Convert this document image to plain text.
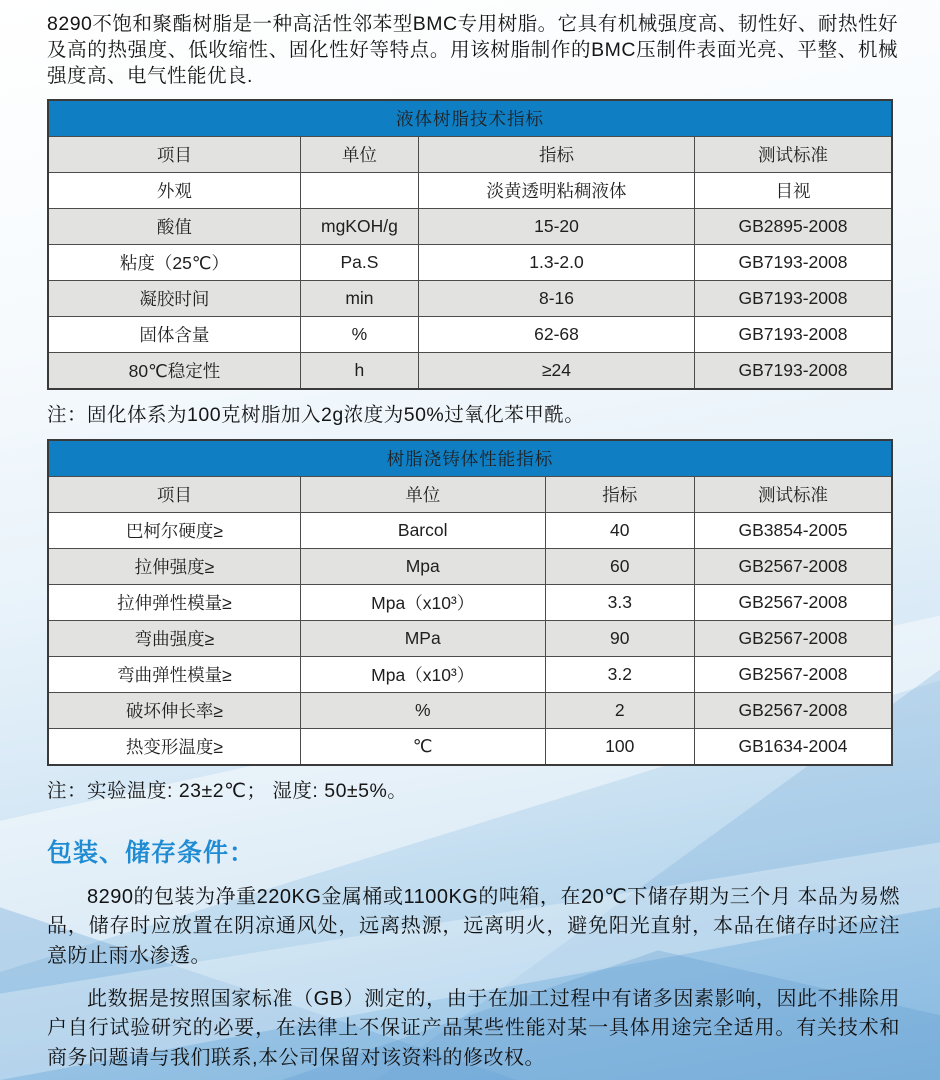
8290不饱和聚酯树脂是一种高活性邻苯型BMC专用树脂。它具有机械强度高、韧性好、耐热性好及高的热强度、低收缩性、固化性好等特点。用该树脂制作的BMC压制件表面光亮、平整、机械强度高、电气性能优良.

液体树脂技术指标			
项目	单位	指标	测试标准
外观		淡黄透明粘稠液体	目视
酸值	mgKOH/g	15-20	GB2895-2008
粘度（25℃）	Pa.S	1.3-2.0	GB7193-2008
凝胶时间	min	8-16	GB7193-2008
固体含量	%	62-68	GB7193-2008
80℃稳定性	h	≥24	GB7193-2008

注：固化体系为100克树脂加入2g浓度为50%过氧化苯甲酰。

树脂浇铸体性能指标			
项目	单位	指标	测试标准
巴柯尔硬度≥	Barcol	40	GB3854-2005
拉伸强度≥	Mpa	60	GB2567-2008
拉伸弹性模量≥	Mpa（x10³）	3.3	GB2567-2008
弯曲强度≥	MPa	90	GB2567-2008
弯曲弹性模量≥	Mpa（x10³）	3.2	GB2567-2008
破坏伸长率≥	%	2	GB2567-2008
热变形温度≥	℃	100	GB1634-2004

注：实验温度: 23±2℃； 湿度: 50±5%。

包装、储存条件：

8290的包装为净重220KG金属桶或1100KG的吨箱，在20℃下储存期为三个月 本品为易燃品，储存时应放置在阴凉通风处，远离热源，远离明火，避免阳光直射，本品在储存时还应注意防止雨水渗透。

此数据是按照国家标准（GB）测定的，由于在加工过程中有诸多因素影响，因此不排除用户自行试验研究的必要，在法律上不保证产品某些性能对某一具体用途完全适用。有关技术和商务问题请与我们联系,本公司保留对该资料的修改权。
